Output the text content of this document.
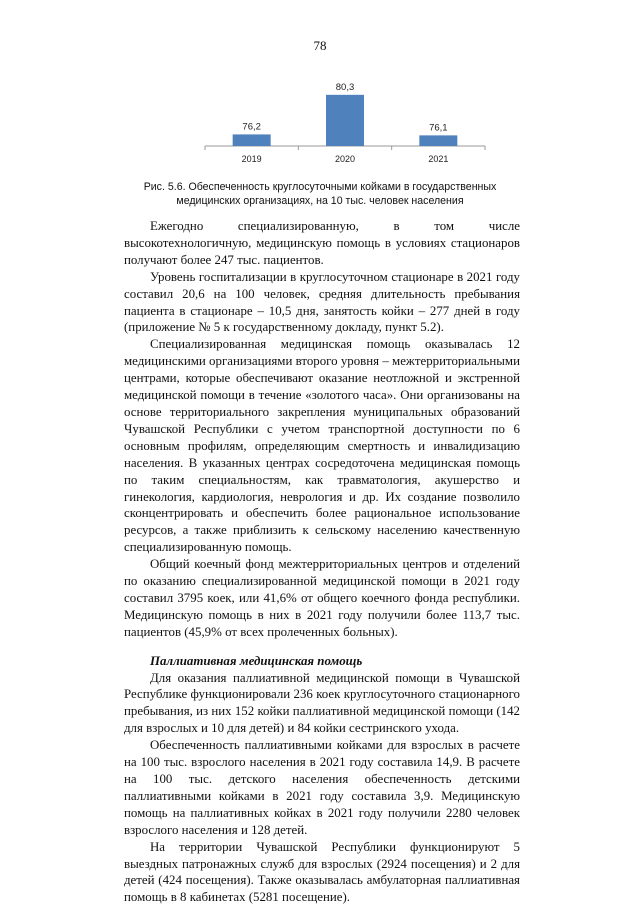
78
76,2
2019
80,3
2020
76,1
2021
Рис. 5.6. Обеспеченность круглосуточными койками в государственных
медицинских организациях, на 10 тыс. человек населения

Ежегодно специализированную, в том числе высокотехнологичную, медицинскую помощь в условиях стационаров получают более 247 тыс. пациентов.

Уровень госпитализации в круглосуточном стационаре в 2021 году составил 20,6 на 100 человек, средняя длительность пребывания пациента в стационаре – 10,5 дня, занятость койки – 277 дней в году (приложение № 5 к государственному докладу, пункт 5.2).

Специализированная медицинская помощь оказывалась 12 медицинскими организациями второго уровня – межтерриториальными центрами, которые обеспечивают оказание неотложной и экстренной медицинской помощи в течение «золотого часа». Они организованы на основе территориального закрепления муниципальных образований Чувашской Республики с учетом транспортной доступности по 6 основным профилям, определяющим смертность и инвалидизацию населения. В указанных центрах сосредоточена медицинская помощь по таким специальностям, как травматология, акушерство и гинекология, кардиология, неврология и др. Их создание позволило сконцентрировать и обеспечить более рациональное использование ресурсов, а также приблизить к сельскому населению качественную специализированную помощь.

Общий коечный фонд межтерриториальных центров и отделений по оказанию специализированной медицинской помощи в 2021 году составил 3795 коек, или 41,6% от общего коечного фонда республики. Медицинскую помощь в них в 2021 году получили более 113,7 тыс. пациентов (45,9% от всех пролеченных больных).

Паллиативная медицинская помощь

Для оказания паллиативной медицинской помощи в Чувашской Республике функционировали 236 коек круглосуточного стационарного пребывания, из них 152 койки паллиативной медицинской помощи (142 для взрослых и 10 для детей) и 84 койки сестринского ухода.

Обеспеченность паллиативными койками для взрослых в расчете на 100 тыс. взрослого населения в 2021 году составила 14,9. В расчете на 100 тыс. детского населения обеспеченность детскими паллиативными койками в 2021 году составила 3,9. Медицинскую помощь на паллиативных койках в 2021 году получили 2280 человек взрослого населения и 128 детей.

На территории Чувашской Республики функционируют 5 выездных патронажных служб для взрослых (2924 посещения) и 2 для детей (424 посещения). Также оказывалась амбулаторная паллиативная помощь в 8 кабинетах (5281 посещение).
